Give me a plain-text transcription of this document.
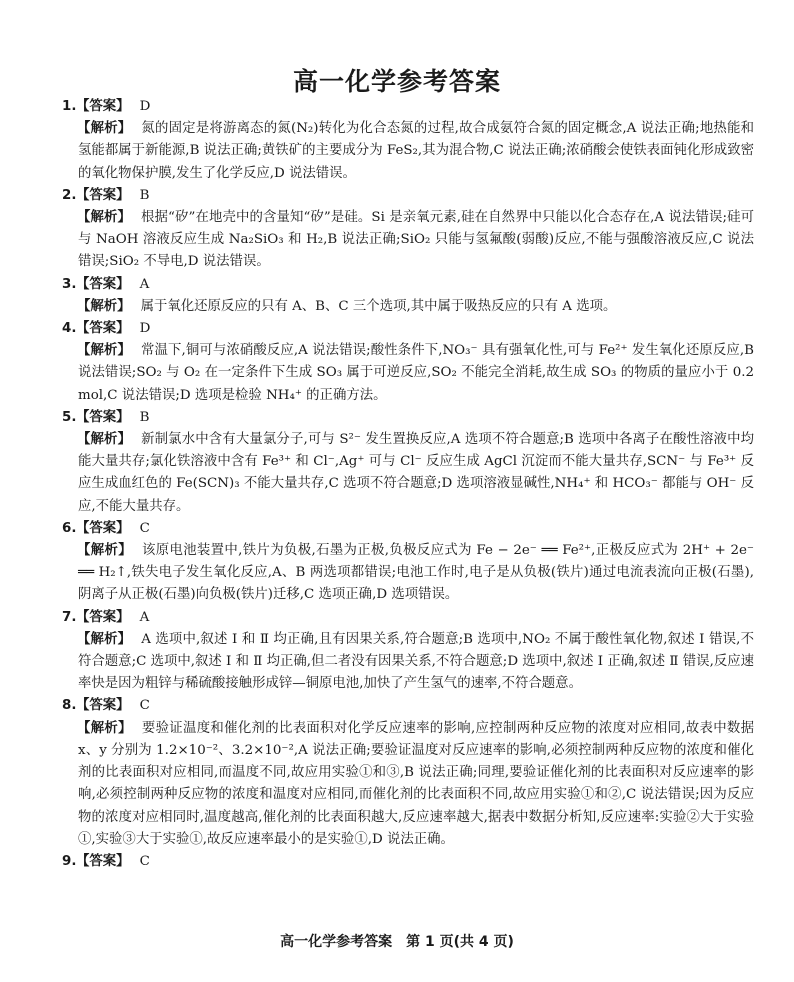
高一化学参考答案
1. 【答案】 D

【解析】 氮的固定是将游离态的氮(N₂)转化为化合态氮的过程,故合成氨符合氮的固定概念,A 说法正确;地热能和氢能都属于新能源,B 说法正确;黄铁矿的主要成分为 FeS₂,其为混合物,C 说法正确;浓硝酸会使铁表面钝化形成致密的氧化物保护膜,发生了化学反应,D 说法错误。

2. 【答案】 B

【解析】 根据“矽”在地壳中的含量知“矽”是硅。Si 是亲氧元素,硅在自然界中只能以化合态存在,A 说法错误;硅可与 NaOH 溶液反应生成 Na₂SiO₃ 和 H₂,B 说法正确;SiO₂ 只能与氢氟酸(弱酸)反应,不能与强酸溶液反应,C 说法错误;SiO₂ 不导电,D 说法错误。

3. 【答案】 A

【解析】 属于氧化还原反应的只有 A、B、C 三个选项,其中属于吸热反应的只有 A 选项。

4. 【答案】 D

【解析】 常温下,铜可与浓硝酸反应,A 说法错误;酸性条件下,NO₃⁻ 具有强氧化性,可与 Fe²⁺ 发生氧化还原反应,B 说法错误;SO₂ 与 O₂ 在一定条件下生成 SO₃ 属于可逆反应,SO₂ 不能完全消耗,故生成 SO₃ 的物质的量应小于 0.2 mol,C 说法错误;D 选项是检验 NH₄⁺ 的正确方法。

5. 【答案】 B

【解析】 新制氯水中含有大量氯分子,可与 S²⁻ 发生置换反应,A 选项不符合题意;B 选项中各离子在酸性溶液中均能大量共存;氯化铁溶液中含有 Fe³⁺ 和 Cl⁻,Ag⁺ 可与 Cl⁻ 反应生成 AgCl 沉淀而不能大量共存,SCN⁻ 与 Fe³⁺ 反应生成血红色的 Fe(SCN)₃ 不能大量共存,C 选项不符合题意;D 选项溶液显碱性,NH₄⁺ 和 HCO₃⁻ 都能与 OH⁻ 反应,不能大量共存。

6. 【答案】 C

【解析】 该原电池装置中,铁片为负极,石墨为正极,负极反应式为 Fe − 2e⁻ ══ Fe²⁺,正极反应式为 2H⁺ + 2e⁻ ══ H₂↑,铁失电子发生氧化反应,A、B 两选项都错误;电池工作时,电子是从负极(铁片)通过电流表流向正极(石墨),阴离子从正极(石墨)向负极(铁片)迁移,C 选项正确,D 选项错误。

7. 【答案】 A

【解析】 A 选项中,叙述 Ⅰ 和 Ⅱ 均正确,且有因果关系,符合题意;B 选项中,NO₂ 不属于酸性氧化物,叙述 Ⅰ 错误,不符合题意;C 选项中,叙述 Ⅰ 和 Ⅱ 均正确,但二者没有因果关系,不符合题意;D 选项中,叙述 Ⅰ 正确,叙述 Ⅱ 错误,反应速率快是因为粗锌与稀硫酸接触形成锌—铜原电池,加快了产生氢气的速率,不符合题意。

8. 【答案】 C

【解析】 要验证温度和催化剂的比表面积对化学反应速率的影响,应控制两种反应物的浓度对应相同,故表中数据 x、y 分别为 1.2×10⁻²、3.2×10⁻²,A 说法正确;要验证温度对反应速率的影响,必须控制两种反应物的浓度和催化剂的比表面积对应相同,而温度不同,故应用实验①和③,B 说法正确;同理,要验证催化剂的比表面积对反应速率的影响,必须控制两种反应物的浓度和温度对应相同,而催化剂的比表面积不同,故应用实验①和②,C 说法错误;因为反应物的浓度对应相同时,温度越高,催化剂的比表面积越大,反应速率越大,据表中数据分析知,反应速率:实验②大于实验①,实验③大于实验①,故反应速率最小的是实验①,D 说法正确。

9. 【答案】 C
高一化学参考答案　第 1 页(共 4 页)
